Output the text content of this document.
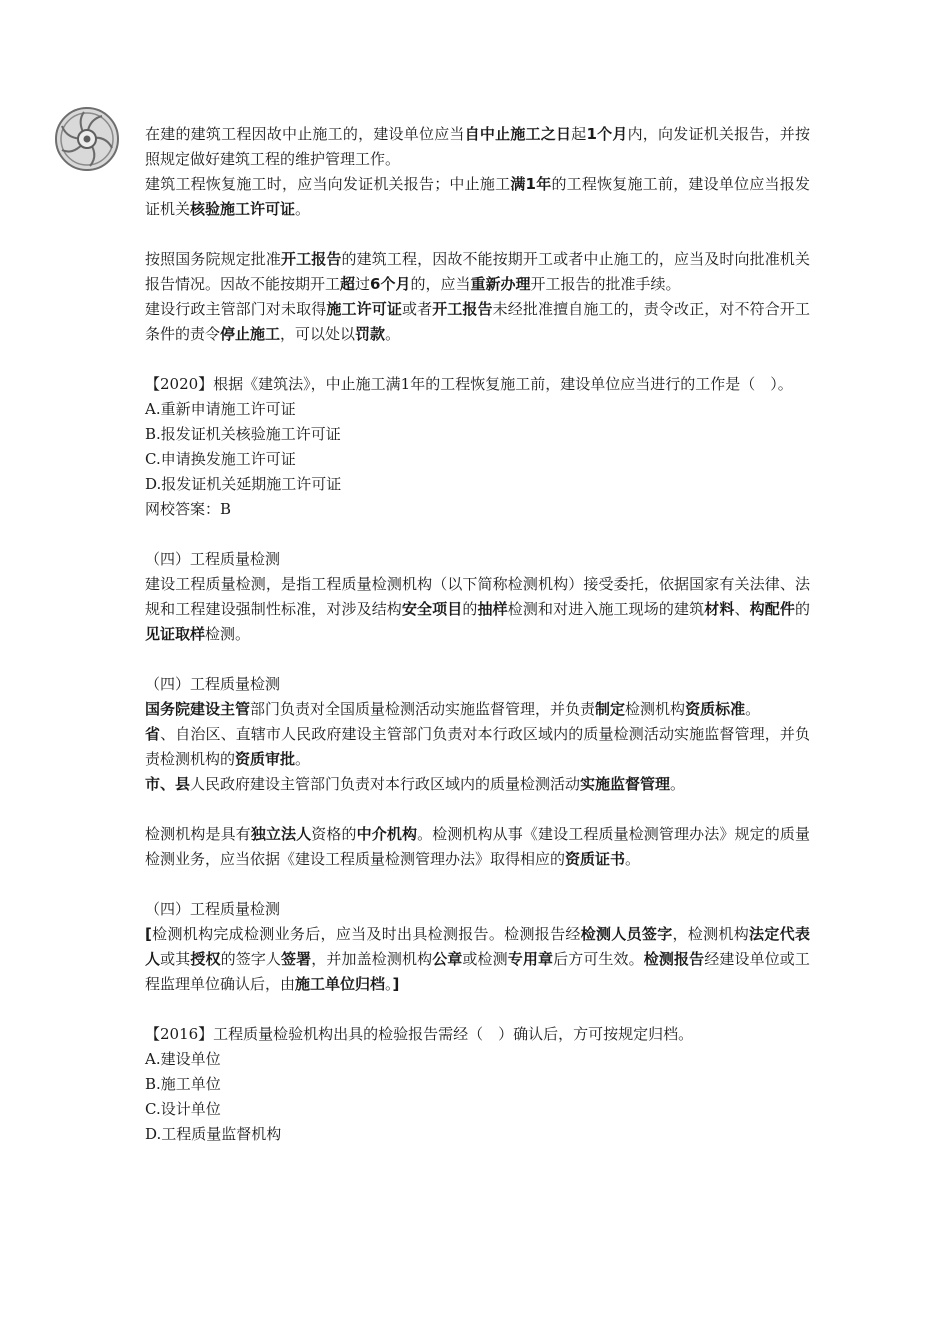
在建的建筑工程因故中止施工的，建设单位应当自中止施工之日起1个月内，向发证机关报告，并按照规定做好建筑工程的维护管理工作。

建筑工程恢复施工时，应当向发证机关报告；中止施工满1年的工程恢复施工前，建设单位应当报发证机关核验施工许可证。

按照国务院规定批准开工报告的建筑工程，因故不能按期开工或者中止施工的，应当及时向批准机关报告情况。因故不能按期开工超过6个月的，应当重新办理开工报告的批准手续。

建设行政主管部门对未取得施工许可证或者开工报告未经批准擅自施工的，责令改正，对不符合开工条件的责令停止施工，可以处以罚款。

【2020】根据《建筑法》，中止施工满1年的工程恢复施工前，建设单位应当进行的工作是（　）。

A.重新申请施工许可证

B.报发证机关核验施工许可证

C.申请换发施工许可证

D.报发证机关延期施工许可证

网校答案：B

（四）工程质量检测

建设工程质量检测，是指工程质量检测机构（以下简称检测机构）接受委托，依据国家有关法律、法规和工程建设强制性标准，对涉及结构安全项目的抽样检测和对进入施工现场的建筑材料、构配件的见证取样检测。

（四）工程质量检测

国务院建设主管部门负责对全国质量检测活动实施监督管理，并负责制定检测机构资质标准。

省、自治区、直辖市人民政府建设主管部门负责对本行政区域内的质量检测活动实施监督管理，并负责检测机构的资质审批。

市、县人民政府建设主管部门负责对本行政区域内的质量检测活动实施监督管理。

检测机构是具有独立法人资格的中介机构。检测机构从事《建设工程质量检测管理办法》规定的质量检测业务，应当依据《建设工程质量检测管理办法》取得相应的资质证书。

（四）工程质量检测

[检测机构完成检测业务后，应当及时出具检测报告。检测报告经检测人员签字，检测机构法定代表人或其授权的签字人签署，并加盖检测机构公章或检测专用章后方可生效。检测报告经建设单位或工程监理单位确认后，由施工单位归档。]

【2016】工程质量检验机构出具的检验报告需经（　）确认后，方可按规定归档。

A.建设单位

B.施工单位

C.设计单位

D.工程质量监督机构
